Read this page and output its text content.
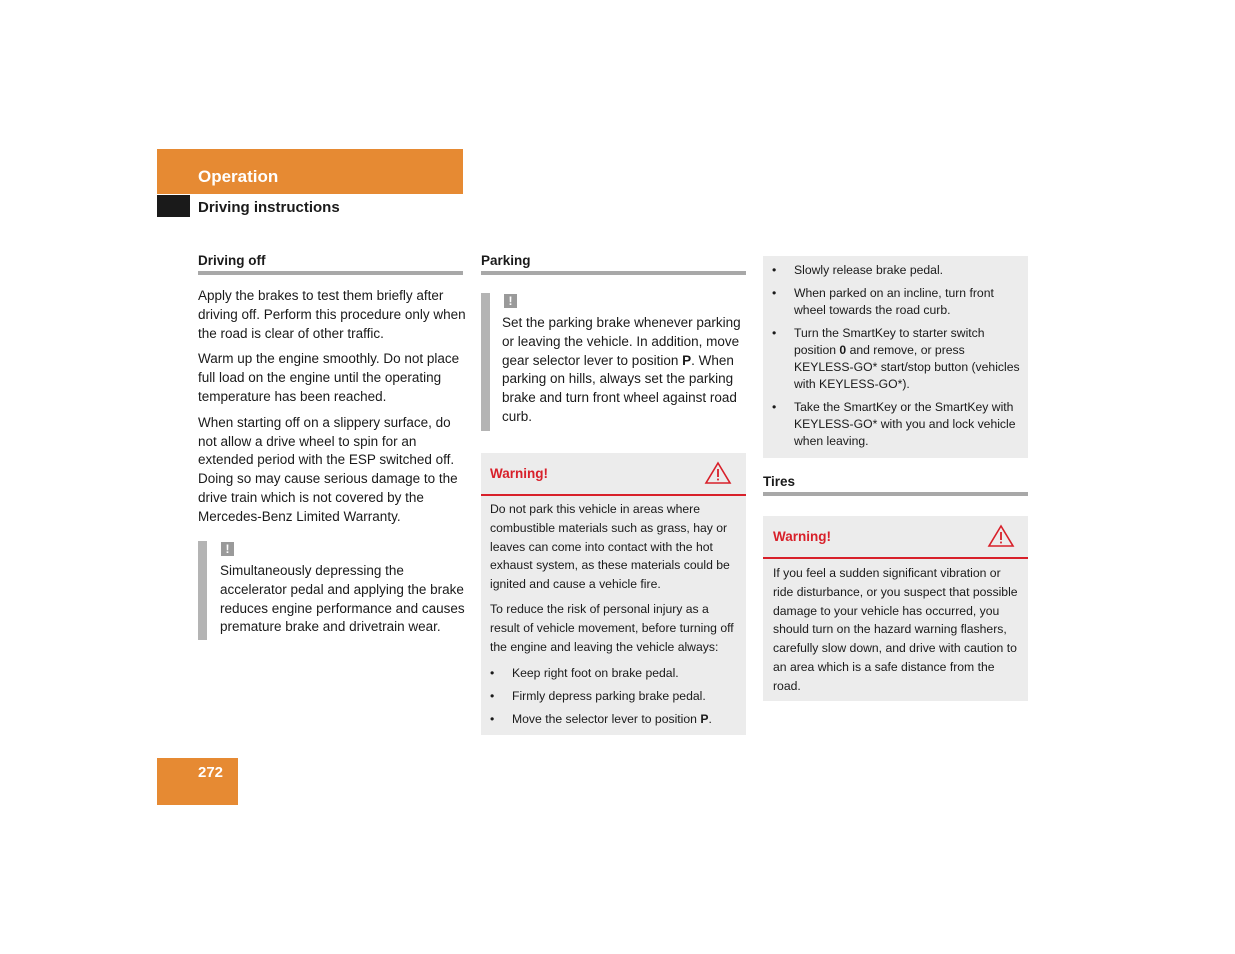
Operation
Driving instructions
Driving off

Apply the brakes to test them briefly after driving off. Perform this procedure only when the road is clear of other traffic.

Warm up the engine smoothly. Do not place full load on the engine until the operating temperature has been reached.

When starting off on a slippery surface, do not allow a drive wheel to spin for an extended period with the ESP switched off. Doing so may cause serious damage to the drive train which is not covered by the Mercedes-Benz Limited Warranty.

!
Simultaneously depressing the accelerator pedal and applying the brake reduces engine performance and causes premature brake and drivetrain wear.
Parking
!
Set the parking brake whenever parking or leaving the vehicle. In addition, move gear selector lever to position P. When parking on hills, always set the parking brake and turn front wheel against road curb.
Warning!

Do not park this vehicle in areas where combustible materials such as grass, hay or leaves can come into contact with the hot exhaust system, as these materials could be ignited and cause a vehicle fire.

To reduce the risk of personal injury as a result of vehicle movement, before turning off the engine and leaving the vehicle always:

• Keep right foot on brake pedal.
• Firmly depress parking brake pedal.
• Move the selector lever to position P.
• Slowly release brake pedal.
• When parked on an incline, turn front wheel towards the road curb.
• Turn the SmartKey to starter switch position 0 and remove, or press KEYLESS-GO* start/stop button (vehicles with KEYLESS-GO*).
• Take the SmartKey or the SmartKey with KEYLESS-GO* with you and lock vehicle when leaving.
Tires
Warning!
If you feel a sudden significant vibration or ride disturbance, or you suspect that possible damage to your vehicle has occurred, you should turn on the hazard warning flashers, carefully slow down, and drive with caution to an area which is a safe distance from the road.
272
